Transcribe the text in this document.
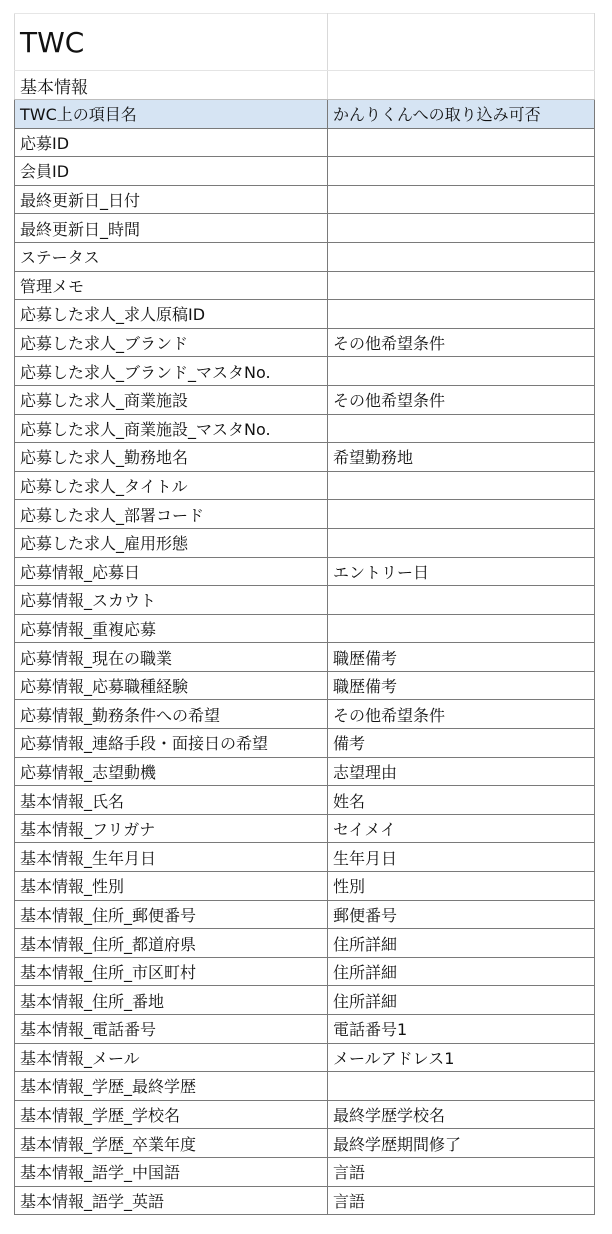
TWC	
基本情報	
TWC上の項目名	かんりくんへの取り込み可否
応募ID	
会員ID	
最終更新日_日付	
最終更新日_時間	
ステータス	
管理メモ	
応募した求人_求人原稿ID	
応募した求人_ブランド	その他希望条件
応募した求人_ブランド_マスタNo.	
応募した求人_商業施設	その他希望条件
応募した求人_商業施設_マスタNo.	
応募した求人_勤務地名	希望勤務地
応募した求人_タイトル	
応募した求人_部署コード	
応募した求人_雇用形態	
応募情報_応募日	エントリー日
応募情報_スカウト	
応募情報_重複応募	
応募情報_現在の職業	職歴備考
応募情報_応募職種経験	職歴備考
応募情報_勤務条件への希望	その他希望条件
応募情報_連絡手段・面接日の希望	備考
応募情報_志望動機	志望理由
基本情報_氏名	姓名
基本情報_フリガナ	セイメイ
基本情報_生年月日	生年月日
基本情報_性別	性別
基本情報_住所_郵便番号	郵便番号
基本情報_住所_都道府県	住所詳細
基本情報_住所_市区町村	住所詳細
基本情報_住所_番地	住所詳細
基本情報_電話番号	電話番号1
基本情報_メール	メールアドレス1
基本情報_学歴_最終学歴	
基本情報_学歴_学校名	最終学歴学校名
基本情報_学歴_卒業年度	最終学歴期間修了
基本情報_語学_中国語	言語
基本情報_語学_英語	言語
